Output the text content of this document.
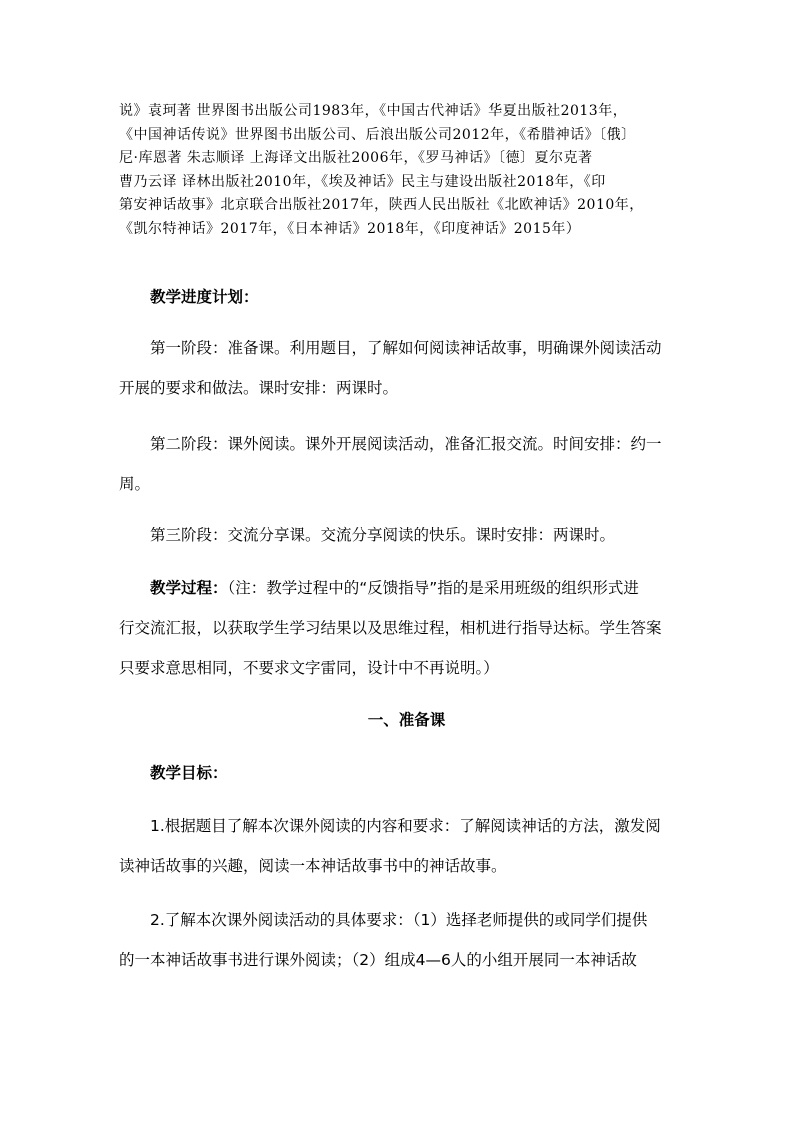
说》袁珂著 世界图书出版公司1983年，《中国古代神话》华夏出版社2013年，
《中国神话传说》世界图书出版公司、后浪出版公司2012年，《希腊神话》〔俄〕
尼·库恩著 朱志顺译 上海译文出版社2006年，《罗马神话》〔德〕夏尔克著
曹乃云译 译林出版社2010年，《埃及神话》民主与建设出版社2018年，《印
第安神话故事》北京联合出版社2017年，陕西人民出版社《北欧神话》2010年，
《凯尔特神话》2017年，《日本神话》2018年，《印度神话》2015年）
教学进度计划：
第一阶段：准备课。利用题目，了解如何阅读神话故事，明确课外阅读活动
开展的要求和做法。课时安排：两课时。
第二阶段：课外阅读。课外开展阅读活动，准备汇报交流。时间安排：约一
周。
第三阶段：交流分享课。交流分享阅读的快乐。课时安排：两课时。
教学过程：（注：教学过程中的“反馈指导”指的是采用班级的组织形式进
行交流汇报，以获取学生学习结果以及思维过程，相机进行指导达标。学生答案
只要求意思相同，不要求文字雷同，设计中不再说明。）
一、准备课
教学目标：
1.根据题目了解本次课外阅读的内容和要求：了解阅读神话的方法，激发阅
读神话故事的兴趣，阅读一本神话故事书中的神话故事。
2.了解本次课外阅读活动的具体要求：（1）选择老师提供的或同学们提供
的一本神话故事书进行课外阅读；（2）组成4—6人的小组开展同一本神话故
